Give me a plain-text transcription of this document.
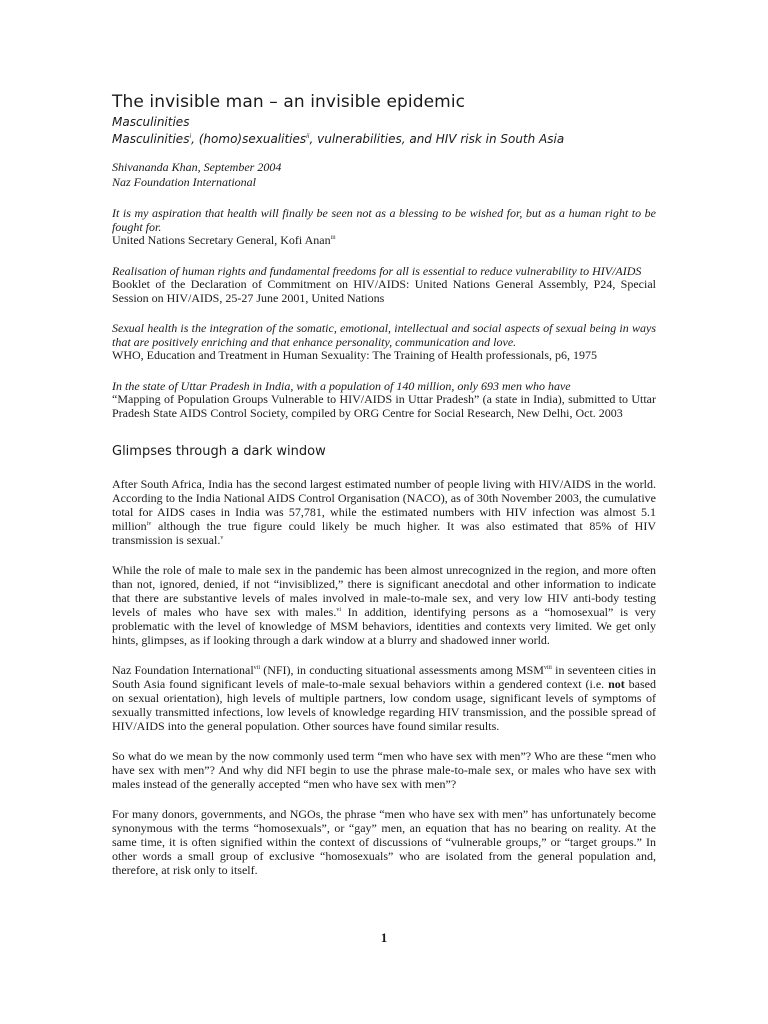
The invisible man – an invisible epidemic
Masculinities
Masculinities$^i$, (homo)sexualities$^{ii}$, vulnerabilities, and HIV risk in South Asia
Shivananda Khan, September 2004
Naz Foundation International
It is my aspiration that health will finally be seen not as a blessing to be wished for, but as a human right to be fought for.
United Nations Secretary General, Kofi Anan$^{iii}$
Realisation of human rights and fundamental freedoms for all is essential to reduce vulnerability to HIV/AIDS
Booklet of the Declaration of Commitment on HIV/AIDS: United Nations General Assembly, P24, Special Session on HIV/AIDS, 25-27 June 2001, United Nations
Sexual health is the integration of the somatic, emotional, intellectual and social aspects of sexual being in ways that are positively enriching and that enhance personality, communication and love.
WHO, Education and Treatment in Human Sexuality: The Training of Health professionals, p6, 1975
In the state of Uttar Pradesh in India, with a population of 140 million, only 693 men who have
“Mapping of Population Groups Vulnerable to HIV/AIDS in Uttar Pradesh” (a state in India), submitted to Uttar Pradesh State AIDS Control Society, compiled by ORG Centre for Social Research, New Delhi, Oct. 2003
Glimpses through a dark window

After South Africa, India has the second largest estimated number of people living with HIV/AIDS in the world. According to the India National AIDS Control Organisation (NACO), as of 30th November 2003, the cumulative total for AIDS cases in India was 57,781, while the estimated numbers with HIV infection was almost 5.1 million$^{iv}$ although the true figure could likely be much higher. It was also estimated that 85% of HIV transmission is sexual.$^v$

While the role of male to male sex in the pandemic has been almost unrecognized in the region, and more often than not, ignored, denied, if not “invisiblized,” there is significant anecdotal and other information to indicate that there are substantive levels of males involved in male-to-male sex, and very low HIV anti-body testing levels of males who have sex with males.$^{vi}$ In addition, identifying persons as a “homosexual” is very problematic with the level of knowledge of MSM behaviors, identities and contexts very limited. We get only hints, glimpses, as if looking through a dark window at a blurry and shadowed inner world.

Naz Foundation International$^{vii}$ (NFI), in conducting situational assessments among MSM$^{viii}$ in seventeen cities in South Asia found significant levels of male-to-male sexual behaviors within a gendered context (i.e. not based on sexual orientation), high levels of multiple partners, low condom usage, significant levels of symptoms of sexually transmitted infections, low levels of knowledge regarding HIV transmission, and the possible spread of HIV/AIDS into the general population. Other sources have found similar results.

So what do we mean by the now commonly used term “men who have sex with men”? Who are these “men who have sex with men”? And why did NFI begin to use the phrase male-to-male sex, or males who have sex with males instead of the generally accepted “men who have sex with men”?

For many donors, governments, and NGOs, the phrase “men who have sex with men” has unfortunately become synonymous with the terms “homosexuals”, or “gay” men, an equation that has no bearing on reality. At the same time, it is often signified within the context of discussions of “vulnerable groups,” or “target groups.” In other words a small group of exclusive “homosexuals” who are isolated from the general population and, therefore, at risk only to itself.

1
